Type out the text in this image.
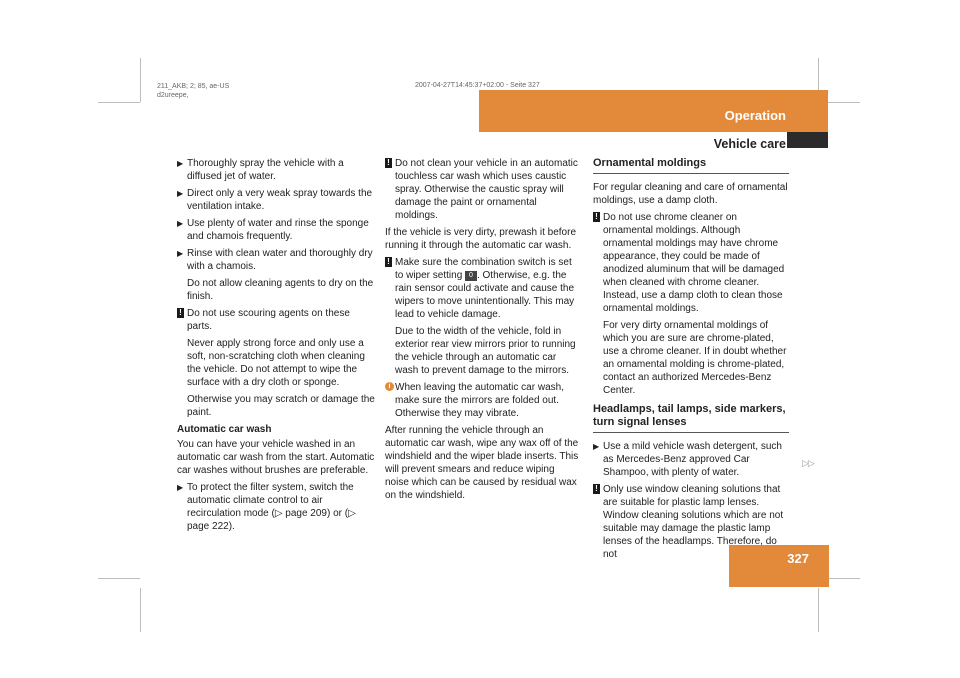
211_AKB; 2; 85, ae-US
d2ureepe,
2007-04-27T14:45:37+02:00 - Seite 327
Operation
Vehicle care
327
▷▷
▶ Thoroughly spray the vehicle with a diffused jet of water.
▶ Direct only a very weak spray towards the ventilation intake.
▶ Use plenty of water and rinse the sponge and chamois frequently.
▶ Rinse with clean water and thoroughly dry with a chamois.
Do not allow cleaning agents to dry on the finish.
! Do not use scouring agents on these parts.
Never apply strong force and only use a soft, non-scratching cloth when cleaning the vehicle. Do not attempt to wipe the surface with a dry cloth or sponge.
Otherwise you may scratch or damage the paint.
Automatic car wash

You can have your vehicle washed in an automatic car wash from the start. Automatic car washes without brushes are preferable.

▶ To protect the filter system, switch the automatic climate control to air recirculation mode (▷ page 209) or (▷ page 222).
! Do not clean your vehicle in an automatic touchless car wash which uses caustic spray. Otherwise the caustic spray will damage the paint or ornamental moldings.

If the vehicle is very dirty, prewash it before running it through the automatic car wash.

! Make sure the combination switch is set to wiper setting 0 . Otherwise, e.g. the rain sensor could activate and cause the wipers to move unintentionally. This may lead to vehicle damage.
Due to the width of the vehicle, fold in exterior rear view mirrors prior to running the vehicle through an automatic car wash to prevent damage to the mirrors.
i When leaving the automatic car wash, make sure the mirrors are folded out. Otherwise they may vibrate.

After running the vehicle through an automatic car wash, wipe any wax off of the windshield and the wiper blade inserts. This will prevent smears and reduce wiping noise which can be caused by residual wax on the windshield.

Ornamental moldings

For regular cleaning and care of ornamental moldings, use a damp cloth.

! Do not use chrome cleaner on ornamental moldings. Although ornamental moldings may have chrome appearance, they could be made of anodized aluminum that will be damaged when cleaned with chrome cleaner. Instead, use a damp cloth to clean those ornamental moldings.
For very dirty ornamental moldings of which you are sure are chrome-plated, use a chrome cleaner. If in doubt whether an ornamental molding is chrome-plated, contact an authorized Mercedes-Benz Center.
Headlamps, tail lamps, side markers, turn signal lenses
▶ Use a mild vehicle wash detergent, such as Mercedes-Benz approved Car Shampoo, with plenty of water.
! Only use window cleaning solutions that are suitable for plastic lamp lenses. Window cleaning solutions which are not suitable may damage the plastic lamp lenses of the headlamps. Therefore, do not
